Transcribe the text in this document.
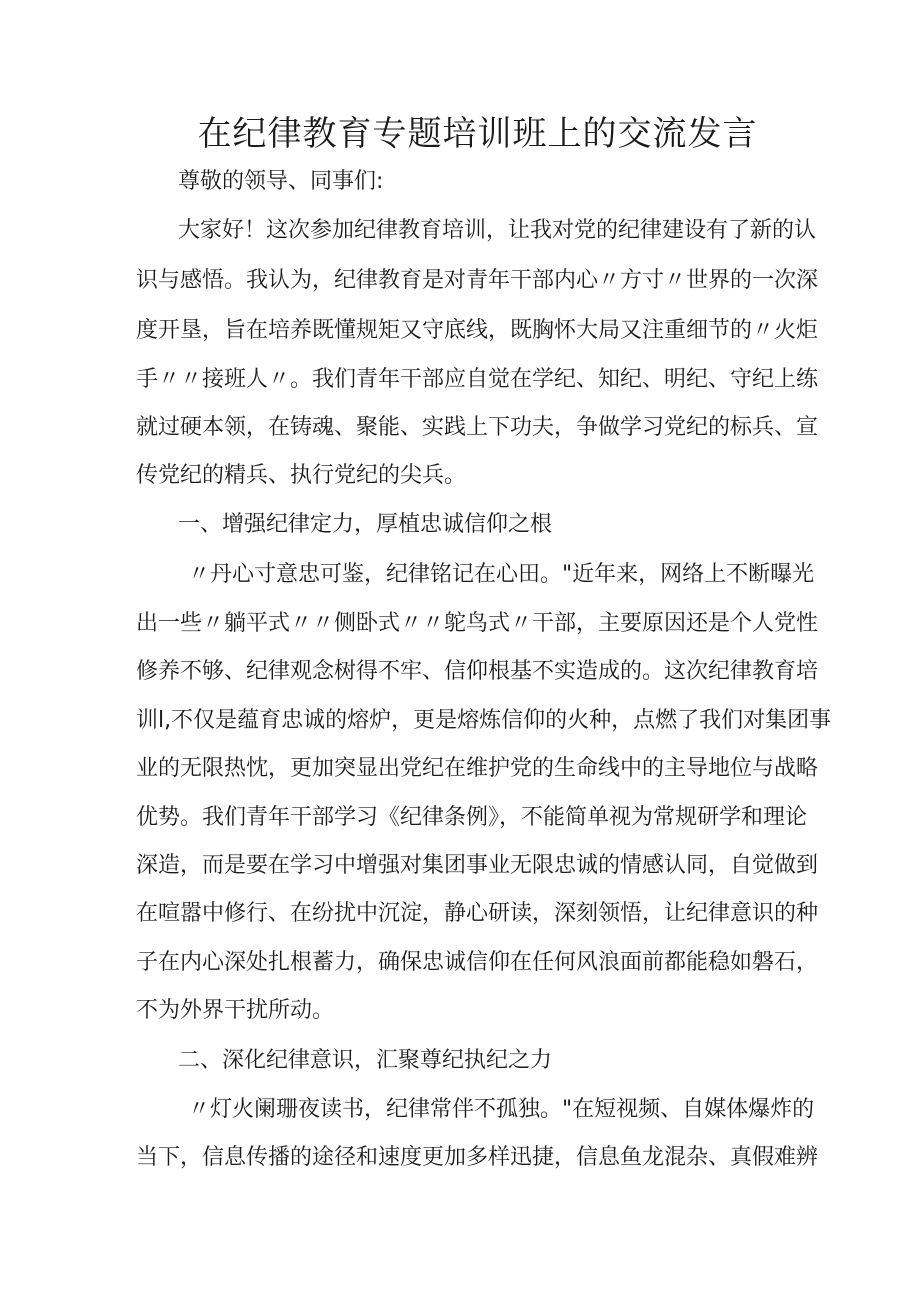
在纪律教育专题培训班上的交流发言
尊敬的领导、同事们:
大家好！这次参加纪律教育培训，让我对党的纪律建设有了新的认
识与感悟。我认为，纪律教育是对青年干部内心〃方寸〃世界的一次深
度开垦，旨在培养既懂规矩又守底线，既胸怀大局又注重细节的〃火炬
手〃〃接班人〃。我们青年干部应自觉在学纪、知纪、明纪、守纪上练
就过硬本领，在铸魂、聚能、实践上下功夫，争做学习党纪的标兵、宣
传党纪的精兵、执行党纪的尖兵。
一、增强纪律定力，厚植忠诚信仰之根
〃丹心寸意忠可鉴，纪律铭记在心田。"近年来，网络上不断曝光
出一些〃躺平式〃〃侧卧式〃〃鸵鸟式〃干部，主要原因还是个人党性
修养不够、纪律观念树得不牢、信仰根基不实造成的。这次纪律教育培
训l,不仅是蕴育忠诚的熔炉，更是熔炼信仰的火种，点燃了我们对集团事
业的无限热忱，更加突显出党纪在维护党的生命线中的主导地位与战略
优势。我们青年干部学习《纪律条例》，不能简单视为常规研学和理论
深造，而是要在学习中增强对集团事业无限忠诚的情感认同，自觉做到
在喧嚣中修行、在纷扰中沉淀，静心研读，深刻领悟，让纪律意识的种
子在内心深处扎根蓄力，确保忠诚信仰在任何风浪面前都能稳如磐石，
不为外界干扰所动。
二、深化纪律意识，汇聚尊纪执纪之力
〃灯火阑珊夜读书，纪律常伴不孤独。"在短视频、自媒体爆炸的
当下，信息传播的途径和速度更加多样迅捷，信息鱼龙混杂、真假难辨
